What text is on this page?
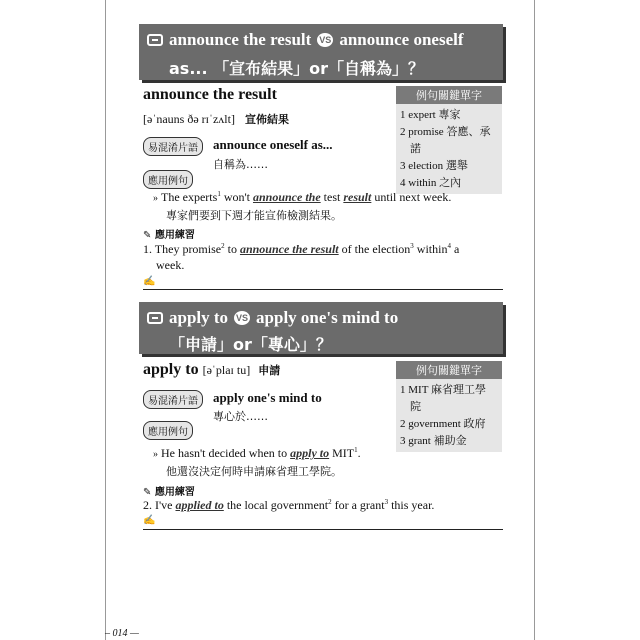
announce the result VS announce oneself
as... 「宣布結果」or「自稱為」？
announce the result
[əˈnauns ðə rɪˈzʌlt] 宣佈結果
易混淆片語	announce oneself as...
自稱為……
應用例句
例句關鍵單字
1 expert 專家
2 promise 答應、承
諾
3 election 選舉
4 within 之內
» The experts$^1$ won't announce the test result until next week.
專家們要到下週才能宣佈檢測結果。
✎ 應用練習
1. They promise$^2$ to announce the result of the election$^3$ within$^4$ a
week.
✍
apply to VS apply one's mind to
「申請」or「專心」？
apply to [əˈplaɪ tu] 申請
易混淆片語	apply one's mind to
專心於……
應用例句
例句關鍵單字
1 MIT 麻省理工學
院
2 government 政府
3 grant 補助金
» He hasn't decided when to apply to MIT$^1$.
他還沒決定何時申請麻省理工學院。
✎ 應用練習
2. I've applied to the local government$^2$ for a grant$^3$ this year.
✍
– 014 —
